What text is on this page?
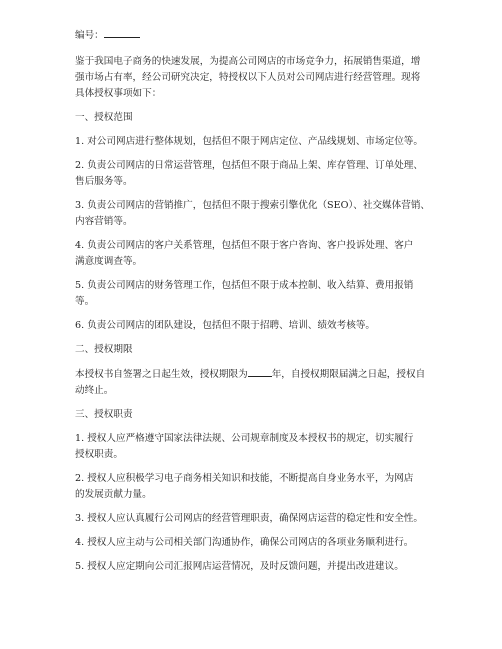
编号：
鉴于我国电子商务的快速发展，为提高公司网店的市场竞争力，拓展销售渠道，增
强市场占有率，经公司研究决定，特授权以下人员对公司网店进行经营管理。现将
具体授权事项如下：
一、授权范围
1. 对公司网店进行整体规划，包括但不限于网店定位、产品线规划、市场定位等。
2. 负责公司网店的日常运营管理，包括但不限于商品上架、库存管理、订单处理、
售后服务等。
3. 负责公司网店的营销推广，包括但不限于搜索引擎优化（SEO）、社交媒体营销、
内容营销等。
4. 负责公司网店的客户关系管理，包括但不限于客户咨询、客户投诉处理、客户
满意度调查等。
5. 负责公司网店的财务管理工作，包括但不限于成本控制、收入结算、费用报销
等。
6. 负责公司网店的团队建设，包括但不限于招聘、培训、绩效考核等。
二、授权期限
本授权书自签署之日起生效，授权期限为	年，自授权期限届满之日起，授权自
动终止。
三、授权职责
1. 授权人应严格遵守国家法律法规、公司规章制度及本授权书的规定，切实履行
授权职责。
2. 授权人应积极学习电子商务相关知识和技能，不断提高自身业务水平，为网店
的发展贡献力量。
3. 授权人应认真履行公司网店的经营管理职责，确保网店运营的稳定性和安全性。
4. 授权人应主动与公司相关部门沟通协作，确保公司网店的各项业务顺利进行。
5. 授权人应定期向公司汇报网店运营情况，及时反馈问题，并提出改进建议。
